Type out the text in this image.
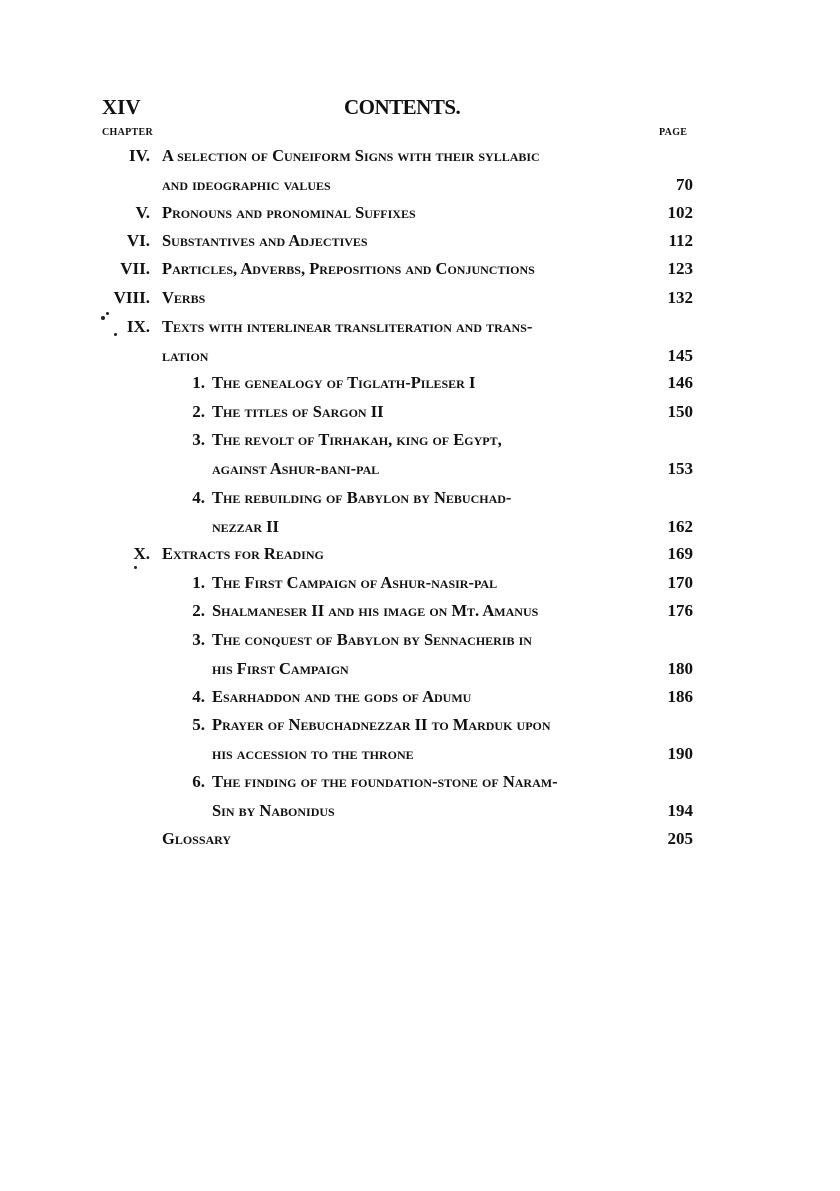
XIV	CONTENTS.
CHAPTER	PAGE
IV. A selection of Cuneiform Signs with their syllabic
and ideographic values	70
V. Pronouns and pronominal Suffixes	102
VI. Substantives and Adjectives	112
VII. Particles, Adverbs, Prepositions and Conjunctions	123
VIII. Verbs	132
IX. Texts with interlinear transliteration and trans-
lation	145
1. The genealogy of Tiglath-Pileser I	146
2. The titles of Sargon II	150
3. The revolt of Tirhakah, king of Egypt,
against Ashur-bani-pal	153
4. The rebuilding of Babylon by Nebuchad-
nezzar II	162
X. Extracts for Reading	169
1. The First Campaign of Ashur-nasir-pal	170
2. Shalmaneser II and his image on Mt. Amanus	176
3. The conquest of Babylon by Sennacherib in
his First Campaign	180
4. Esarhaddon and the gods of Adumu	186
5. Prayer of Nebuchadnezzar II to Marduk upon
his accession to the throne	190
6. The finding of the foundation-stone of Naram-
Sin by Nabonidus	194
Glossary	205
